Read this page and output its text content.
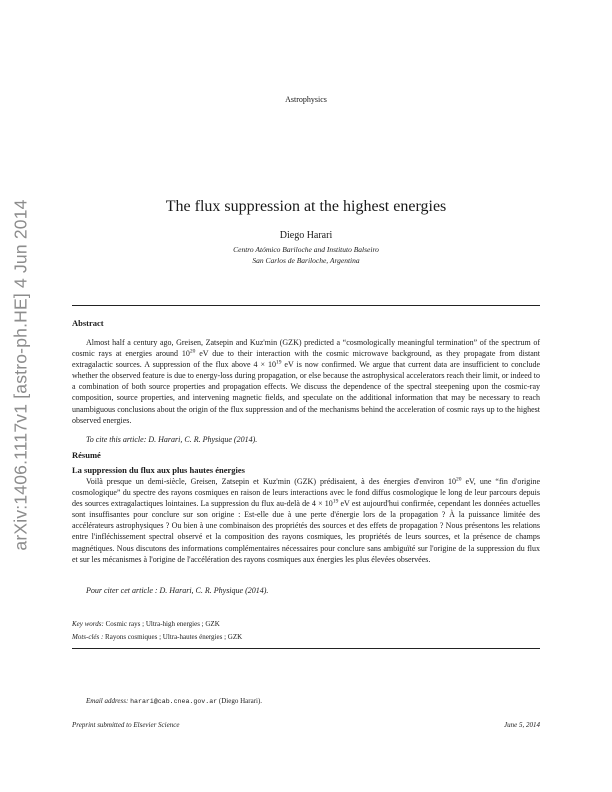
arXiv:1406.1117v1 [astro-ph.HE] 4 Jun 2014
Astrophysics
The flux suppression at the highest energies
Diego Harari
Centro Atómico Bariloche and Instituto Balseiro
San Carlos de Bariloche, Argentina
Abstract
Almost half a century ago, Greisen, Zatsepin and Kuz'min (GZK) predicted a “cosmologically meaningful termination” of the spectrum of cosmic rays at energies around $10^{20}$ eV due to their interaction with the cosmic microwave background, as they propagate from distant extragalactic sources. A suppression of the flux above $4 \times 10^{19}$ eV is now confirmed. We argue that current data are insufficient to conclude whether the observed feature is due to energy-loss during propagation, or else because the astrophysical accelerators reach their limit, or indeed to a combination of both source properties and propagation effects. We discuss the dependence of the spectral steepening upon the cosmic-ray composition, source properties, and intervening magnetic fields, and speculate on the additional information that may be necessary to reach unambiguous conclusions about the origin of the flux suppression and of the mechanisms behind the acceleration of cosmic rays up to the highest observed energies.
To cite this article: D. Harari, C. R. Physique (2014).
Résumé
La suppression du flux aux plus hautes énergies
Voilà presque un demi-siècle, Greisen, Zatsepin et Kuz'min (GZK) prédisaient, à des énergies d'environ $10^{20}$ eV, une “fin d'origine cosmologique” du spectre des rayons cosmiques en raison de leurs interactions avec le fond diffus cosmologique le long de leur parcours depuis des sources extragalactiques lointaines. La suppression du flux au-delà de $4 \times 10^{19}$ eV est aujourd'hui confirmée, cependant les données actuelles sont insuffisantes pour conclure sur son origine : Est-elle due à une perte d'énergie lors de la propagation ? À la puissance limitée des accélérateurs astrophysiques ? Ou bien à une combinaison des propriétés des sources et des effets de propagation ? Nous présentons les relations entre l'infléchissement spectral observé et la composition des rayons cosmiques, les propriétés de leurs sources, et la présence de champs magnétiques. Nous discutons des informations complémentaires nécessaires pour conclure sans ambiguïté sur l'origine de la suppression du flux et sur les mécanismes à l'origine de l'accélération des rayons cosmiques aux énergies les plus élevées observées.
Pour citer cet article : D. Harari, C. R. Physique (2014).
Key words: Cosmic rays ; Ultra-high energies ; GZK
Mots-clés : Rayons cosmiques ; Ultra-hautes énergies ; GZK
Email address: harari@cab.cnea.gov.ar (Diego Harari).
Preprint submitted to Elsevier Science	June 5, 2014
